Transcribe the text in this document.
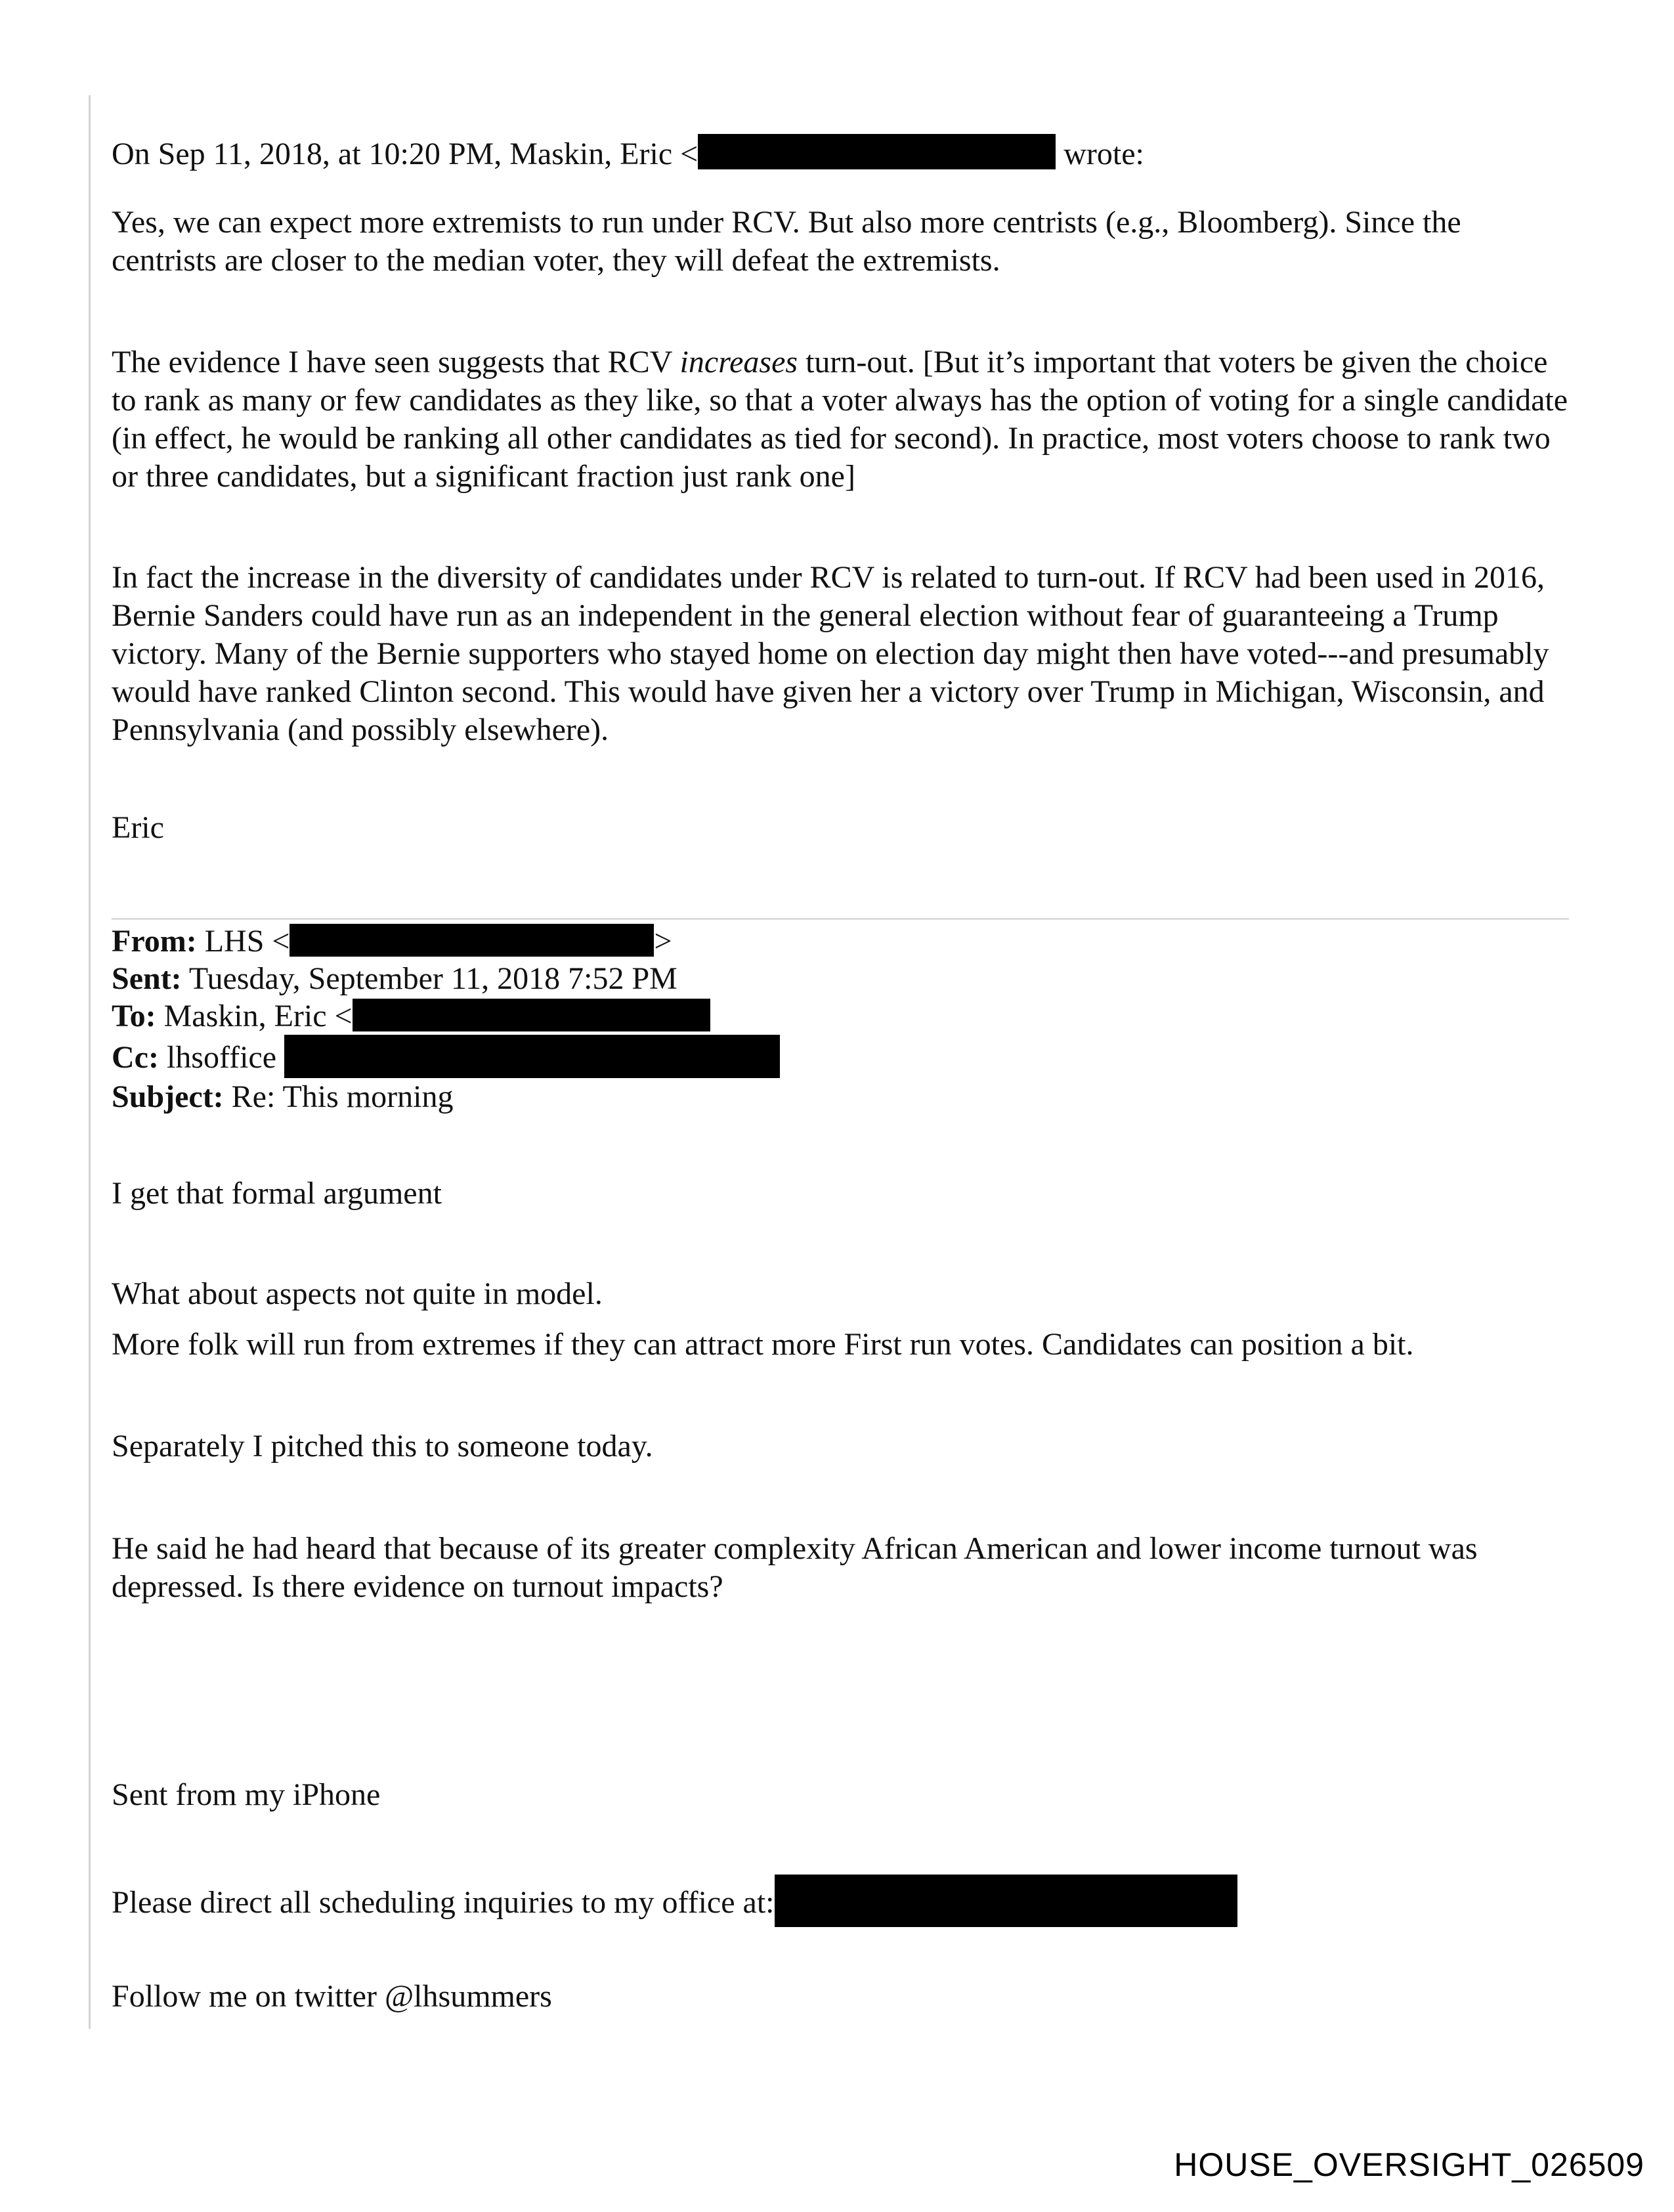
On Sep 11, 2018, at 10:20 PM, Maskin, Eric <	wrote:

Yes, we can expect more extremists to run under RCV. But also more centrists (e.g., Bloomberg). Since the centrists are closer to the median voter, they will defeat the extremists.

The evidence I have seen suggests that RCV increases turn-out. [But it’s important that voters be given the choice to rank as many or few candidates as they like, so that a voter always has the option of voting for a single candidate (in effect, he would be ranking all other candidates as tied for second). In practice, most voters choose to rank two or three candidates, but a significant fraction just rank one]

In fact the increase in the diversity of candidates under RCV is related to turn-out. If RCV had been used in 2016, Bernie Sanders could have run as an independent in the general election without fear of guaranteeing a Trump victory. Many of the Bernie supporters who stayed home on election day might then have voted---and presumably would have ranked Clinton second. This would have given her a victory over Trump in Michigan, Wisconsin, and Pennsylvania (and possibly elsewhere).

Eric

From: LHS <	>
Sent: Tuesday, September 11, 2018 7:52 PM
To: Maskin, Eric <
Cc: lhsoffice
Subject: Re: This morning

I get that formal argument

What about aspects not quite in model.

More folk will run from extremes if they can attract more First run votes. Candidates can position a bit.

Separately I pitched this to someone today.

He said he had heard that because of its greater complexity African American and lower income turnout was depressed. Is there evidence on turnout impacts?

Sent from my iPhone

Please direct all scheduling inquiries to my office at:

Follow me on twitter @lhsummers

HOUSE_OVERSIGHT_026509
